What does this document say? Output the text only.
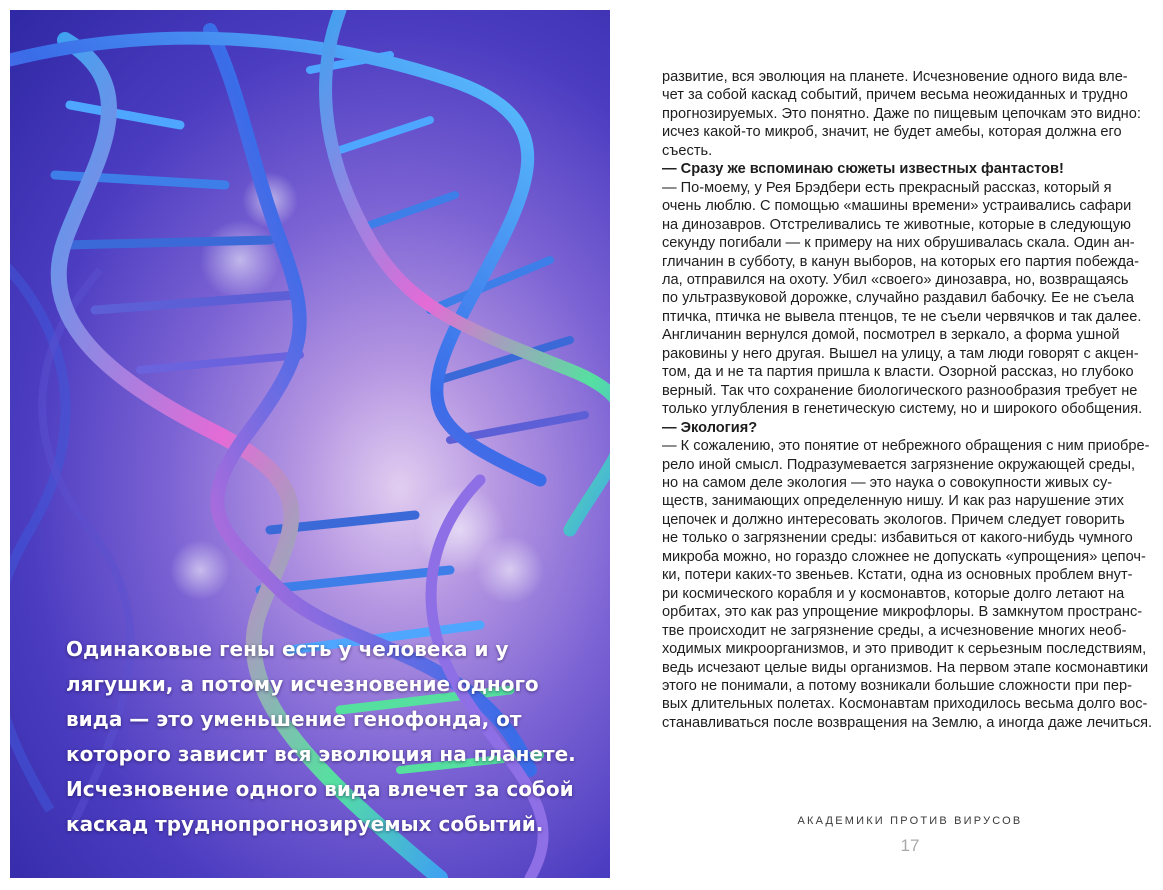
Одинаковые гены есть у человека и у
лягушки, а потому исчезновение одного
вида — это уменьшение генофонда, от
которого зависит вся эволюция на планете.
Исчезновение одного вида влечет за собой
каскад труднопрогнозируемых событий.

развитие, вся эволюция на планете. Исчезновение одного вида вле-
чет за собой каскад событий, причем весьма неожиданных и трудно
прогнозируемых. Это понятно. Даже по пищевым цепочкам это видно:
исчез какой-то микроб, значит, не будет амебы, которая должна его
съесть.
— Сразу же вспоминаю сюжеты известных фантастов!
— По-моему, у Рея Брэдбери есть прекрасный рассказ, который я
очень люблю. С помощью «машины времени» устраивались сафари
на динозавров. Отстреливались те животные, которые в следующую
секунду погибали — к примеру на них обрушивалась скала. Один ан-
гличанин в субботу, в канун выборов, на которых его партия побежда-
ла, отправился на охоту. Убил «своего» динозавра, но, возвращаясь
по ультразвуковой дорожке, случайно раздавил бабочку. Ее не съела
птичка, птичка не вывела птенцов, те не съели червячков и так далее.
Англичанин вернулся домой, посмотрел в зеркало, а форма ушной
раковины у него другая. Вышел на улицу, а там люди говорят с акцен-
том, да и не та партия пришла к власти. Озорной рассказ, но глубоко
верный. Так что сохранение биологического разнообразия требует не
только углубления в генетическую систему, но и широкого обобщения.
— Экология?
— К сожалению, это понятие от небрежного обращения с ним приобре-
рело иной смысл. Подразумевается загрязнение окружающей среды,
но на самом деле экология — это наука о совокупности живых су-
ществ, занимающих определенную нишу. И как раз нарушение этих
цепочек и должно интересовать экологов. Причем следует говорить
не только о загрязнении среды: избавиться от какого-нибудь чумного
микроба можно, но гораздо сложнее не допускать «упрощения» цепоч-
ки, потери каких-то звеньев. Кстати, одна из основных проблем внут-
ри космического корабля и у космонавтов, которые долго летают на
орбитах, это как раз упрощение микрофлоры. В замкнутом пространс-
тве происходит не загрязнение среды, а исчезновение многих необ-
ходимых микроорганизмов, и это приводит к серьезным последствиям,
ведь исчезают целые виды организмов. На первом этапе космонавтики
этого не понимали, а потому возникали большие сложности при пер-
вых длительных полетах. Космонавтам приходилось весьма долго вос-
станавливаться после возвращения на Землю, а иногда даже лечиться.
АКАДЕМИКИ ПРОТИВ ВИРУСОВ
17
